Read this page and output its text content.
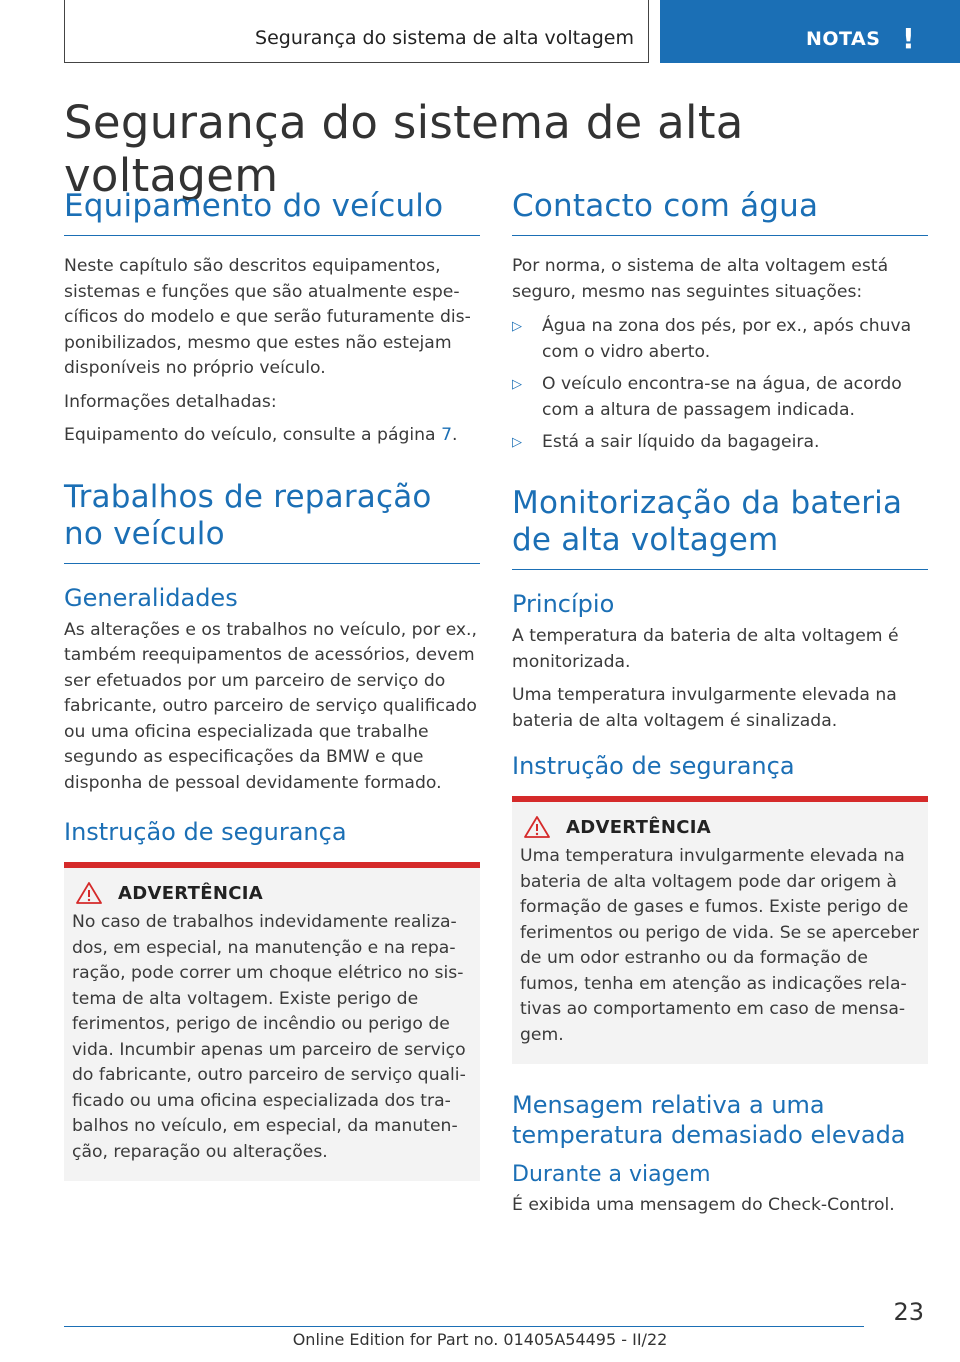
Segurança do sistema de alta voltagem	NOTAS !
Segurança do sistema de alta voltagem
Equipamento do veículo

Neste capítulo são descritos equipamentos, sistemas e funções que são atualmente específicos do modelo e que serão futuramente disponibilizados, mesmo que estes não estejam disponíveis no próprio veículo.

Informações detalhadas:

Equipamento do veículo, consulte a página 7.

Trabalhos de reparação no veículo
Generalidades

As alterações e os trabalhos no veículo, por ex., também reequipamentos de acessórios, devem ser efetuados por um parceiro de serviço do fabricante, outro parceiro de serviço qualificado ou uma oficina especializada que trabalhe segundo as especificações da BMW e que disponha de pessoal devidamente formado.

Instrução de segurança
ADVERTÊNCIA

No caso de trabalhos indevidamente realizados, em especial, na manutenção e na reparação, pode correr um choque elétrico no sistema de alta voltagem. Existe perigo de ferimentos, perigo de incêndio ou perigo de vida. Incumbir apenas um parceiro de serviço do fabricante, outro parceiro de serviço qualificado ou uma oficina especializada dos trabalhos no veículo, em especial, da manutenção, reparação ou alterações.

Contacto com água

Por norma, o sistema de alta voltagem está seguro, mesmo nas seguintes situações:

▷ Água na zona dos pés, por ex., após chuva com o vidro aberto.
▷ O veículo encontra-se na água, de acordo com a altura de passagem indicada.
▷ Está a sair líquido da bagageira.
Monitorização da bateria de alta voltagem
Princípio

A temperatura da bateria de alta voltagem é monitorizada.

Uma temperatura invulgarmente elevada na bateria de alta voltagem é sinalizada.

Instrução de segurança
ADVERTÊNCIA

Uma temperatura invulgarmente elevada na bateria de alta voltagem pode dar origem à formação de gases e fumos. Existe perigo de ferimentos ou perigo de vida. Se se aperceber de um odor estranho ou da formação de fumos, tenha em atenção as indicações relativas ao comportamento em caso de mensagem.

Mensagem relativa a uma temperatura demasiado elevada
Durante a viagem

É exibida uma mensagem do Check-Control.

23
Online Edition for Part no. 01405A54495 - II/22
